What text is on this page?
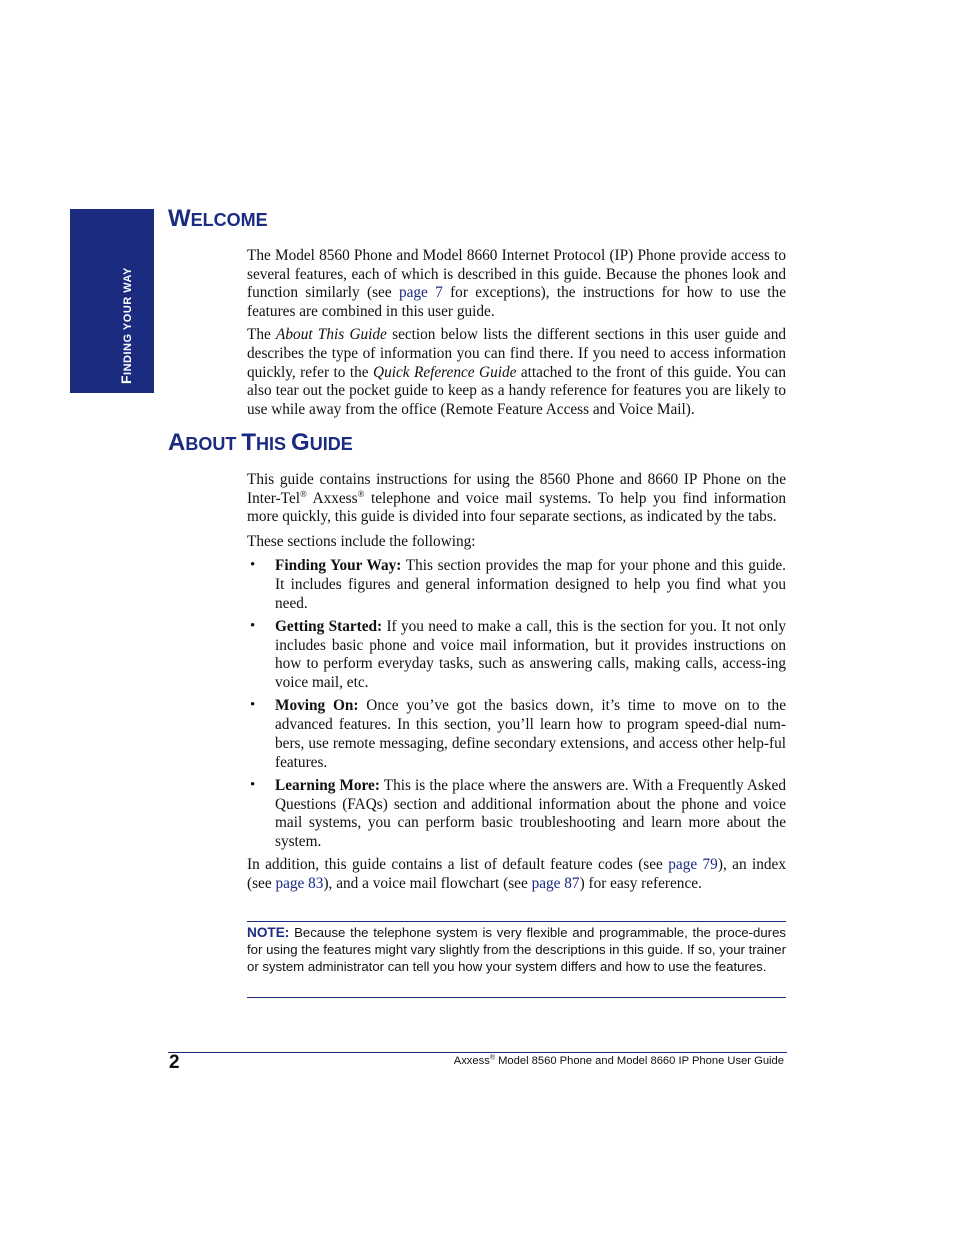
FINDING YOUR WAY
WELCOME

The Model 8560 Phone and Model 8660 Internet Protocol (IP) Phone provide access to several features, each of which is described in this guide. Because the phones look and function similarly (see page 7 for exceptions), the instructions for how to use the features are combined in this user guide.

The About This Guide section below lists the different sections in this user guide and describes the type of information you can find there. If you need to access information quickly, refer to the Quick Reference Guide attached to the front of this guide. You can also tear out the pocket guide to keep as a handy reference for features you are likely to use while away from the office (Remote Feature Access and Voice Mail).

ABOUT THIS GUIDE

This guide contains instructions for using the 8560 Phone and 8660 IP Phone on the Inter-Tel® Axxess® telephone and voice mail systems. To help you find information more quickly, this guide is divided into four separate sections, as indicated by the tabs.

These sections include the following:

• Finding Your Way: This section provides the map for your phone and this guide. It includes figures and general information designed to help you find what you need.

• Getting Started: If you need to make a call, this is the section for you. It not only includes basic phone and voice mail information, but it provides instructions on how to perform everyday tasks, such as answering calls, making calls, access-ing voice mail, etc.

• Moving On: Once you’ve got the basics down, it’s time to move on to the advanced features. In this section, you’ll learn how to program speed-dial num-bers, use remote messaging, define secondary extensions, and access other help-ful features.

• Learning More: This is the place where the answers are. With a Frequently Asked Questions (FAQs) section and additional information about the phone and voice mail systems, you can perform basic troubleshooting and learn more about the system.

In addition, this guide contains a list of default feature codes (see page 79), an index (see page 83), and a voice mail flowchart (see page 87) for easy reference.

NOTE: Because the telephone system is very flexible and programmable, the proce-dures for using the features might vary slightly from the descriptions in this guide. If so, your trainer or system administrator can tell you how your system differs and how to use the features.
2	Axxess® Model 8560 Phone and Model 8660 IP Phone User Guide
